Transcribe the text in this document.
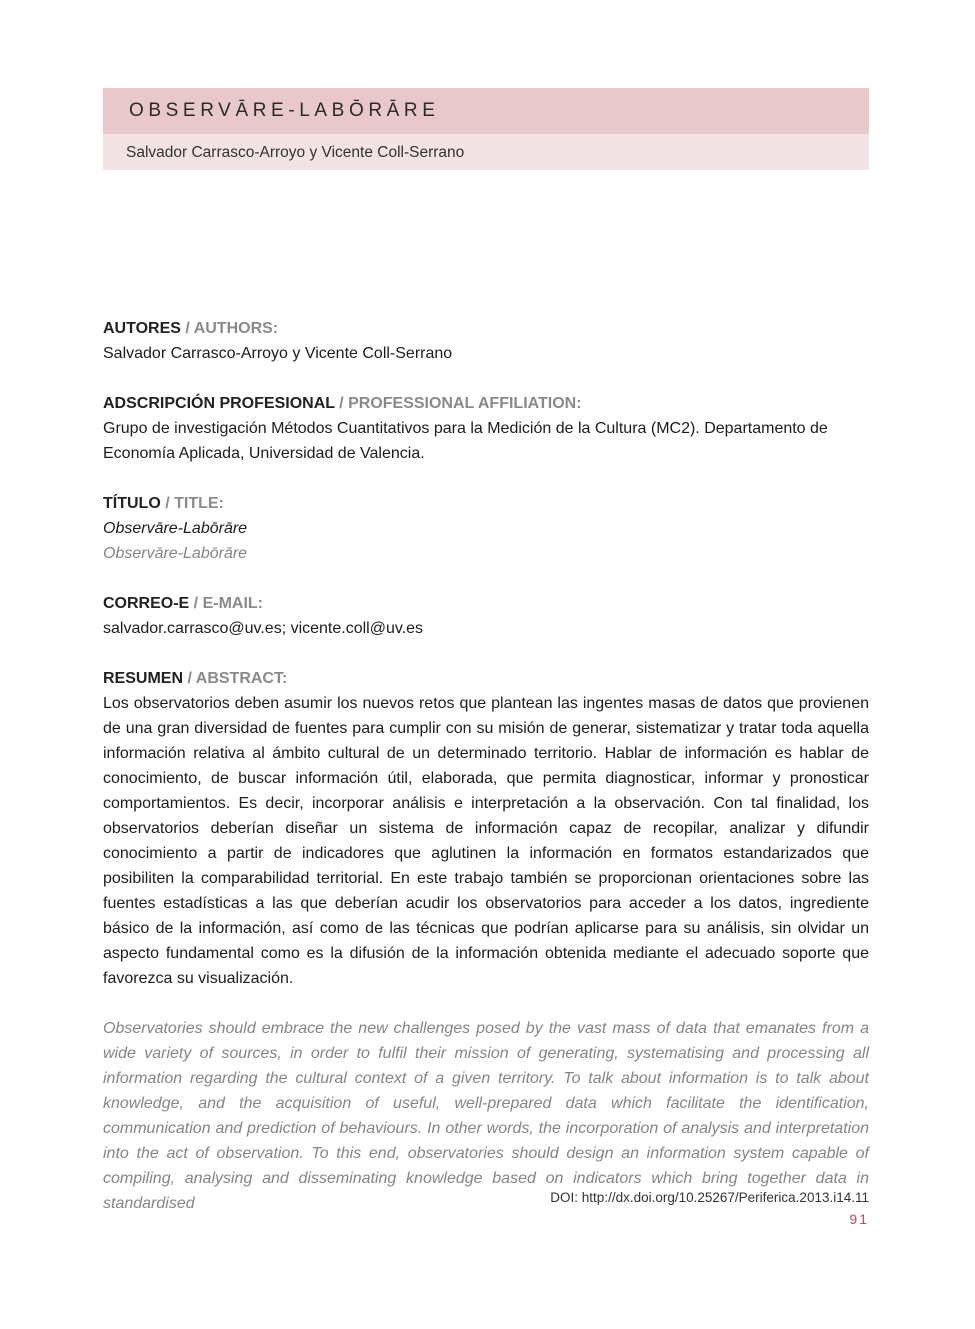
OBSERVĀRE-LABŌRĀRE
Salvador Carrasco-Arroyo y Vicente Coll-Serrano
AUTORES / AUTHORS:
Salvador Carrasco-Arroyo y Vicente Coll-Serrano
ADSCRIPCIÓN PROFESIONAL / PROFESSIONAL AFFILIATION:
Grupo de investigación Métodos Cuantitativos para la Medición de la Cultura (MC2). Departamento de Economía Aplicada, Universidad de Valencia.
TÍTULO / TITLE:
Observāre-Labōrāre
Observāre-Labōrāre
CORREO-E / E-MAIL:
salvador.carrasco@uv.es; vicente.coll@uv.es
RESUMEN / ABSTRACT:

Los observatorios deben asumir los nuevos retos que plantean las ingentes masas de datos que provienen de una gran diversidad de fuentes para cumplir con su misión de generar, sistematizar y tratar toda aquella información relativa al ámbito cultural de un determinado territorio. Hablar de información es hablar de conocimiento, de buscar información útil, elaborada, que permita diagnosticar, informar y pronosticar comportamientos. Es decir, incorporar análisis e interpretación a la observación. Con tal finalidad, los observatorios deberían diseñar un sistema de información capaz de recopilar, analizar y difundir conocimiento a partir de indicadores que aglutinen la información en formatos estandarizados que posibiliten la comparabilidad territorial. En este trabajo también se proporcionan orientaciones sobre las fuentes estadísticas a las que deberían acudir los observatorios para acceder a los datos, ingrediente básico de la información, así como de las técnicas que podrían aplicarse para su análisis, sin olvidar un aspecto fundamental como es la difusión de la información obtenida mediante el adecuado soporte que favorezca su visualización.

Observatories should embrace the new challenges posed by the vast mass of data that emanates from a wide variety of sources, in order to fulfil their mission of generating, systematising and processing all information regarding the cultural context of a given territory. To talk about information is to talk about knowledge, and the acquisition of useful, well-prepared data which facilitate the identification, communication and prediction of behaviours. In other words, the incorporation of analysis and interpretation into the act of observation. To this end, observatories should design an information system capable of compiling, analysing and disseminating knowledge based on indicators which bring together data in standardised	DOI: http://dx.doi.org/10.25267/Periferica.2013.i14.11
91
